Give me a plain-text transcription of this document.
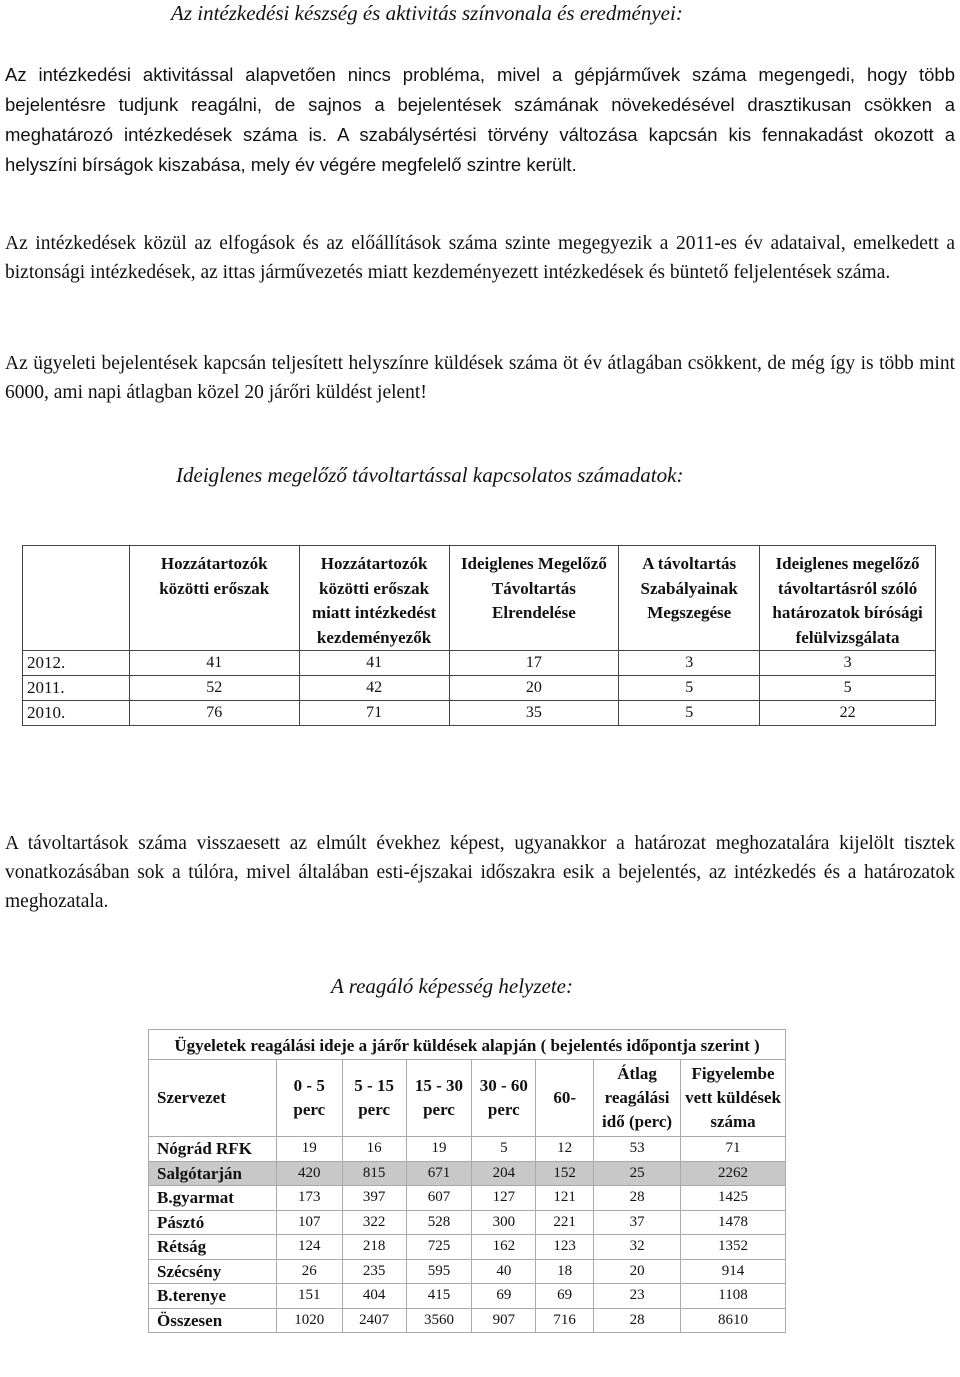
Az intézkedési készség és aktivitás színvonala és eredményei:

Az intézkedési aktivitással alapvetően nincs probléma, mivel a gépjárművek száma megengedi, hogy több bejelentésre tudjunk reagálni, de sajnos a bejelentések számának növekedésével drasztikusan csökken a meghatározó intézkedések száma is. A szabálysértési törvény változása kapcsán kis fennakadást okozott a helyszíni bírságok kiszabása, mely év végére megfelelő szintre került.

Az intézkedések közül az elfogások és az előállítások száma szinte megegyezik a 2011-es év adataival, emelkedett a biztonsági intézkedések, az ittas járművezetés miatt kezdeményezett intézkedések és büntető feljelentések száma.

Az ügyeleti bejelentések kapcsán teljesített helyszínre küldések száma öt év átlagában csökkent, de még így is több mint 6000, ami napi átlagban közel 20 járőri küldést jelent!

Ideiglenes megelőző távoltartással kapcsolatos számadatok:
	Hozzátartozók közötti erőszak	Hozzátartozók közötti erőszak miatt intézkedést kezdeményezők	Ideiglenes Megelőző Távoltartás Elrendelése	A távoltartás Szabályainak Megszegése	Ideiglenes megelőző távoltartásról szóló határozatok bírósági felülvizsgálata
2012.	41	41	17	3	3
2011.	52	42	20	5	5
2010.	76	71	35	5	22

A távoltartások száma visszaesett az elmúlt évekhez képest, ugyanakkor a határozat meghozatalára kijelölt tisztek vonatkozásában sok a túlóra, mivel általában esti-éjszakai időszakra esik a bejelentés, az intézkedés és a határozatok meghozatala.

A reagáló képesség helyzete:
Ügyeletek reagálási ideje a járőr küldések alapján ( bejelentés időpontja szerint )							
Szervezet	0 - 5 perc	5 - 15 perc	15 - 30 perc	30 - 60 perc	60-	Átlag reagálási idő (perc)	Figyelembe vett küldések száma
Nógrád RFK	19	16	19	5	12	53	71
Salgótarján	420	815	671	204	152	25	2262
B.gyarmat	173	397	607	127	121	28	1425
Pásztó	107	322	528	300	221	37	1478
Rétság	124	218	725	162	123	32	1352
Szécsény	26	235	595	40	18	20	914
B.terenye	151	404	415	69	69	23	1108
Összesen	1020	2407	3560	907	716	28	8610
